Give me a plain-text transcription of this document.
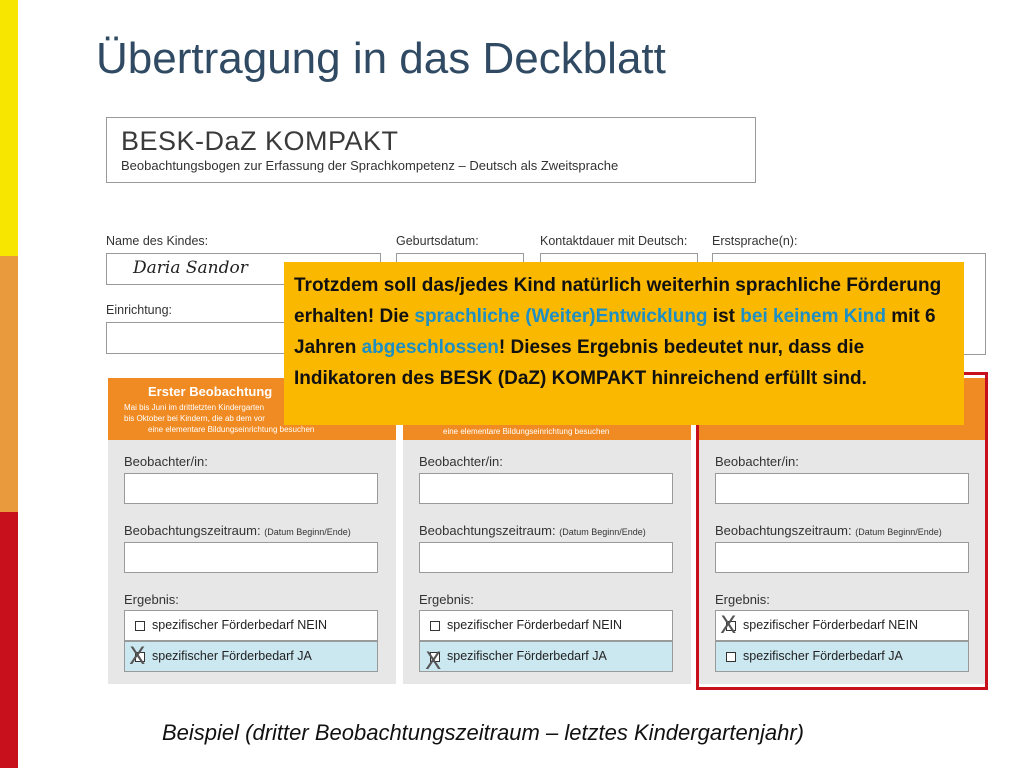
Übertragung in das Deckblatt
BESK-DaZ KOMPAKT
Beobachtungsbogen zur Erfassung der Sprachkompetenz – Deutsch als Zweitsprache
Name des Kindes:
Daria Sandor
Geburtsdatum:	Kontaktdauer mit Deutsch: Erstsprache(n):
Einrichtung:
Erster Beobachtung
Mai bis Juni im drittletzten Kindergarten
bis Oktober bei Kindern, die ab dem vor
eine elementare Bildungseinrichtung besuchen
Beobachter/in:
Beobachtungszeitraum: (Datum Beginn/Ende)
Ergebnis:
spezifischer Förderbedarf NEIN
spezifischer Förderbedarf JA
X
eine elementare Bildungseinrichtung besuchen
Beobachter/in:
Beobachtungszeitraum: (Datum Beginn/Ende)
Ergebnis:
spezifischer Förderbedarf NEIN
spezifischer Förderbedarf JA
X
Beobachter/in:
Beobachtungszeitraum: (Datum Beginn/Ende)
Ergebnis:
spezifischer Förderbedarf NEIN
spezifischer Förderbedarf JA
X
Trotzdem soll das/jedes Kind natürlich weiterhin sprachliche Förderung erhalten! Die sprachliche (Weiter)Entwicklung ist bei keinem Kind mit 6 Jahren abgeschlossen! Dieses Ergebnis bedeutet nur, dass die Indikatoren des BESK (DaZ) KOMPAKT hinreichend erfüllt sind.
Beispiel (dritter Beobachtungszeitraum – letztes Kindergartenjahr)
